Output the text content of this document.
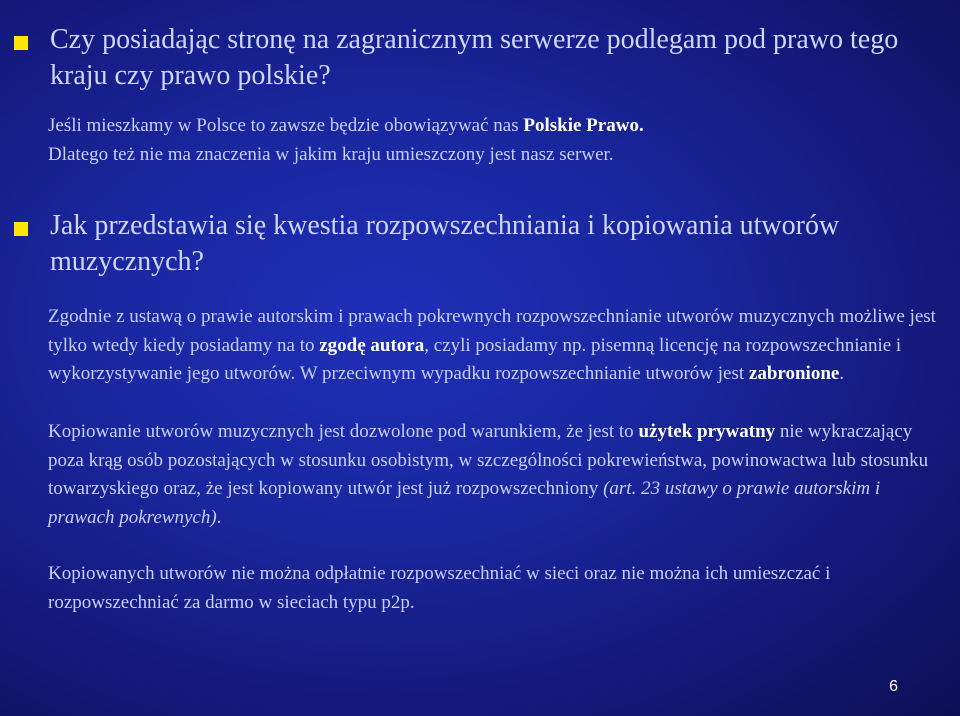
Czy posiadając stronę na zagranicznym serwerze podlegam pod prawo tego kraju czy prawo polskie?
Jeśli mieszkamy w Polsce to zawsze będzie obowiązywać nas Polskie Prawo.
Dlatego też nie ma znaczenia w jakim kraju umieszczony jest nasz serwer.
Jak przedstawia się kwestia rozpowszechniania i kopiowania utworów muzycznych?
Zgodnie z ustawą o prawie autorskim i prawach pokrewnych rozpowszechnianie utworów muzycznych możliwe jest tylko wtedy kiedy posiadamy na to zgodę autora, czyli posiadamy np. pisemną licencję na rozpowszechnianie i wykorzystywanie jego utworów. W przeciwnym wypadku rozpowszechnianie utworów jest zabronione.
Kopiowanie utworów muzycznych jest dozwolone pod warunkiem, że jest to użytek prywatny nie wykraczający poza krąg osób pozostających w stosunku osobistym, w szczególności pokrewieństwa, powinowactwa lub stosunku towarzyskiego oraz, że jest kopiowany utwór jest już rozpowszechniony (art. 23 ustawy o prawie autorskim i prawach pokrewnych).
Kopiowanych utworów nie można odpłatnie rozpowszechniać w sieci oraz nie można ich umieszczać i rozpowszechniać za darmo w sieciach typu p2p.
6
